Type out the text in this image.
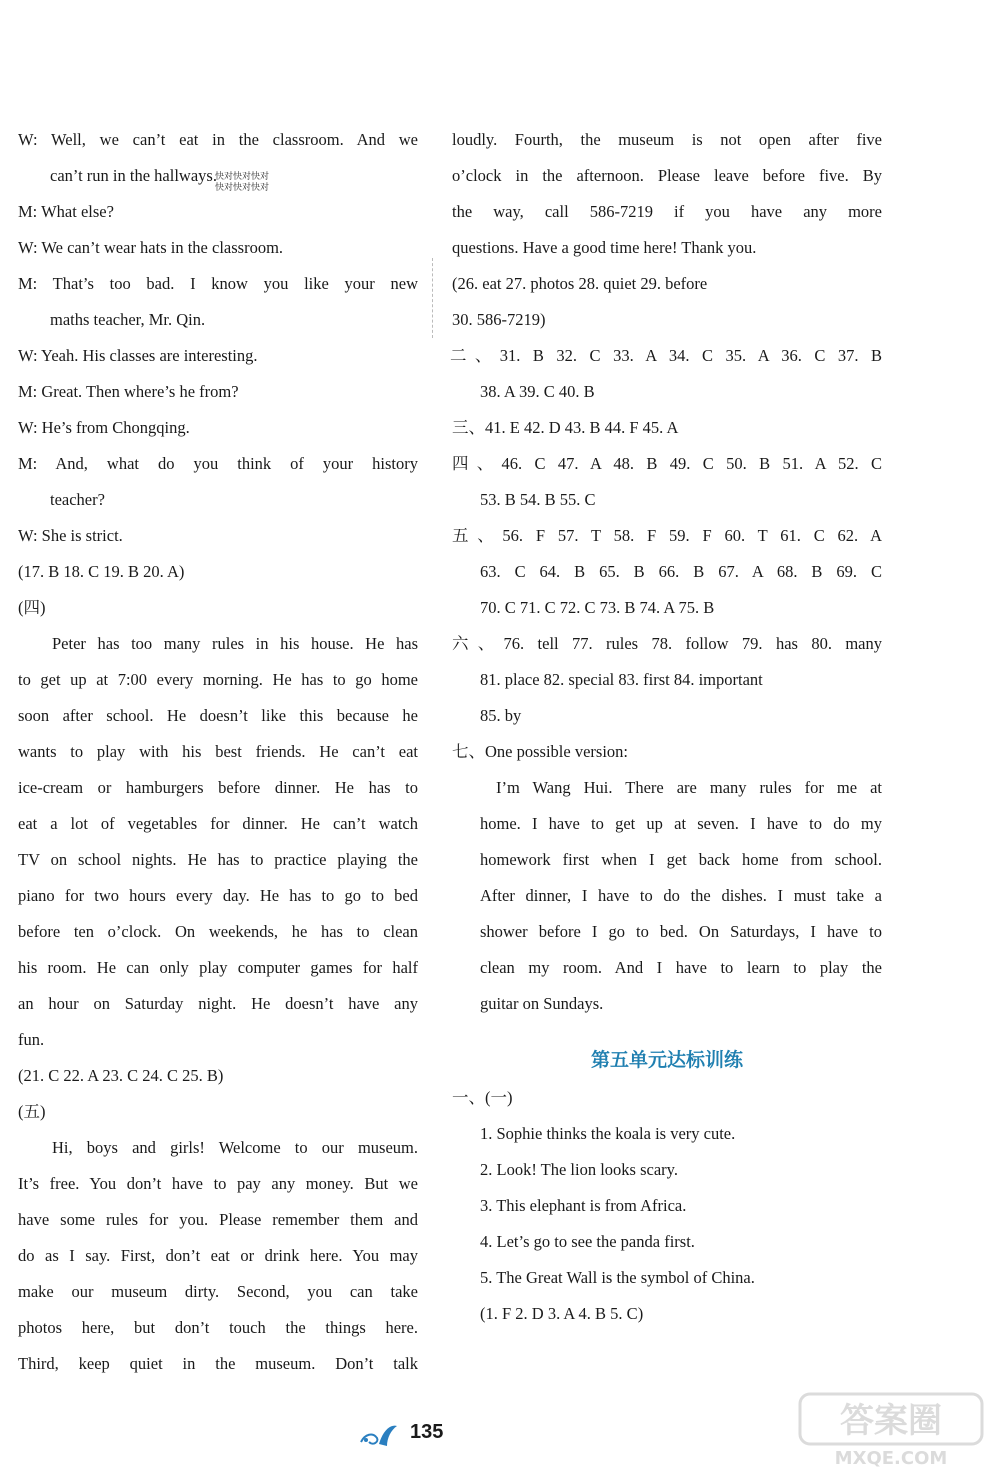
W: Well, we can’t eat in the classroom. And we
can’t run in the hallways.
M: What else?
W: We can’t wear hats in the classroom.
M: That’s too bad. I know you like your new
maths teacher, Mr. Qin.
W: Yeah. His classes are interesting.
M: Great. Then where’s he from?
W: He’s from Chongqing.
M: And, what do you think of your history
teacher?
W: She is strict.
(17. B 18. C 19. B 20. A)
(四)
Peter has too many rules in his house. He has
to get up at 7:00 every morning. He has to go home
soon after school. He doesn’t like this because he
wants to play with his best friends. He can’t eat
ice-cream or hamburgers before dinner. He has to
eat a lot of vegetables for dinner. He can’t watch
TV on school nights. He has to practice playing the
piano for two hours every day. He has to go to bed
before ten o’clock. On weekends, he has to clean
his room. He can only play computer games for half
an hour on Saturday night. He doesn’t have any
fun.
(21. C 22. A 23. C 24. C 25. B)
(五)
Hi, boys and girls! Welcome to our museum.
It’s free. You don’t have to pay any money. But we
have some rules for you. Please remember them and
do as I say. First, don’t eat or drink here. You may
make our museum dirty. Second, you can take
photos here, but don’t touch the things here.
Third, keep quiet in the museum. Don’t talk
快对快对快对
快对快对快对
loudly. Fourth, the museum is not open after five
o’clock in the afternoon. Please leave before five. By
the way, call 586-7219 if you have any more
questions. Have a good time here! Thank you.
(26. eat 27. photos 28. quiet 29. before
30. 586-7219)
二、31. B 32. C 33. A 34. C 35. A 36. C 37. B
38. A 39. C 40. B
三、41. E 42. D 43. B 44. F 45. A
四、46. C 47. A 48. B 49. C 50. B 51. A 52. C
53. B 54. B 55. C
五、56. F 57. T 58. F 59. F 60. T 61. C 62. A
63. C 64. B 65. B 66. B 67. A 68. B 69. C
70. C 71. C 72. C 73. B 74. A 75. B
六、76. tell 77. rules 78. follow 79. has 80. many
81. place 82. special 83. first 84. important
85. by
七、One possible version:
I’m Wang Hui. There are many rules for me at
home. I have to get up at seven. I have to do my
homework first when I get back home from school.
After dinner, I have to do the dishes. I must take a
shower before I go to bed. On Saturdays, I have to
clean my room. And I have to learn to play the
guitar on Sundays.
第五单元达标训练
一、(一)
1. Sophie thinks the koala is very cute.
2. Look! The lion looks scary.
3. This elephant is from Africa.
4. Let’s go to see the panda first.
5. The Great Wall is the symbol of China.
(1. F 2. D 3. A 4. B 5. C)
135	答案圈
MXQE.COM
